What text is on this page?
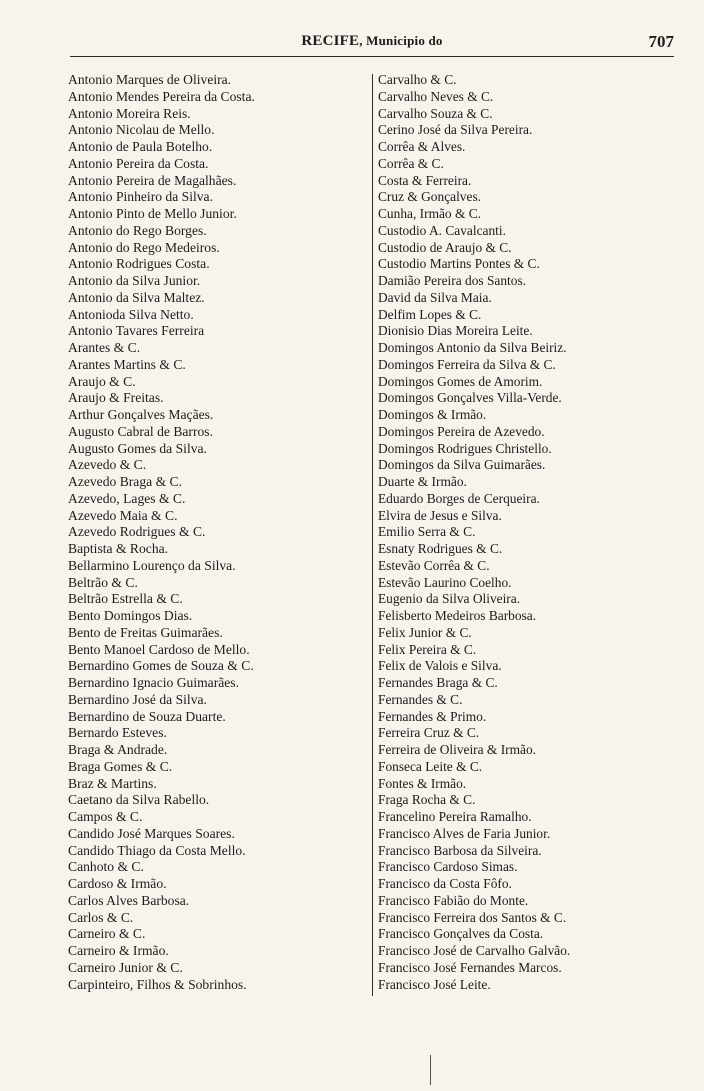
RECIFE, Municipio do	707
Antonio Marques de Oliveira.
Antonio Mendes Pereira da Costa.
Antonio Moreira Reis.
Antonio Nicolau de Mello.
Antonio de Paula Botelho.
Antonio Pereira da Costa.
Antonio Pereira de Magalhães.
Antonio Pinheiro da Silva.
Antonio Pinto de Mello Junior.
Antonio do Rego Borges.
Antonio do Rego Medeiros.
Antonio Rodrigues Costa.
Antonio da Silva Junior.
Antonio da Silva Maltez.
Antonioda Silva Netto.
Antonio Tavares Ferreira
Arantes & C.
Arantes Martins & C.
Araujo & C.
Araujo & Freitas.
Arthur Gonçalves Maçães.
Augusto Cabral de Barros.
Augusto Gomes da Silva.
Azevedo & C.
Azevedo Braga & C.
Azevedo, Lages & C.
Azevedo Maia & C.
Azevedo Rodrigues & C.
Baptista & Rocha.
Bellarmino Lourenço da Silva.
Beltrão & C.
Beltrão Estrella & C.
Bento Domingos Dias.
Bento de Freitas Guimarães.
Bento Manoel Cardoso de Mello.
Bernardino Gomes de Souza & C.
Bernardino Ignacio Guimarães.
Bernardino José da Silva.
Bernardino de Souza Duarte.
Bernardo Esteves.
Braga & Andrade.
Braga Gomes & C.
Braz & Martins.
Caetano da Silva Rabello.
Campos & C.
Candido José Marques Soares.
Candido Thiago da Costa Mello.
Canhoto & C.
Cardoso & Irmão.
Carlos Alves Barbosa.
Carlos & C.
Carneiro & C.
Carneiro & Irmão.
Carneiro Junior & C.
Carpinteiro, Filhos & Sobrinhos.
Carvalho & C.
Carvalho Neves & C.
Carvalho Souza & C.
Cerino José da Silva Pereira.
Corrêa & Alves.
Corrêa & C.
Costa & Ferreira.
Cruz & Gonçalves.
Cunha, Irmão & C.
Custodio A. Cavalcanti.
Custodio de Araujo & C.
Custodio Martins Pontes & C.
Damião Pereira dos Santos.
David da Silva Maia.
Delfim Lopes & C.
Dionisio Dias Moreira Leite.
Domingos Antonio da Silva Beiriz.
Domingos Ferreira da Silva & C.
Domingos Gomes de Amorim.
Domingos Gonçalves Villa-Verde.
Domingos & Irmão.
Domingos Pereira de Azevedo.
Domingos Rodrigues Christello.
Domingos da Silva Guimarães.
Duarte & Irmão.
Eduardo Borges de Cerqueira.
Elvira de Jesus e Silva.
Emilio Serra & C.
Esnaty Rodrigues & C.
Estevão Corrêa & C.
Estevão Laurino Coelho.
Eugenio da Silva Oliveira.
Felisberto Medeiros Barbosa.
Felix Junior & C.
Felix Pereira & C.
Felix de Valois e Silva.
Fernandes Braga & C.
Fernandes & C.
Fernandes & Primo.
Ferreira Cruz & C.
Ferreira de Oliveira & Irmão.
Fonseca Leite & C.
Fontes & Irmão.
Fraga Rocha & C.
Francelino Pereira Ramalho.
Francisco Alves de Faria Junior.
Francisco Barbosa da Silveira.
Francisco Cardoso Simas.
Francisco da Costa Fôfo.
Francisco Fabião do Monte.
Francisco Ferreira dos Santos & C.
Francisco Gonçalves da Costa.
Francisco José de Carvalho Galvão.
Francisco José Fernandes Marcos.
Francisco José Leite.
